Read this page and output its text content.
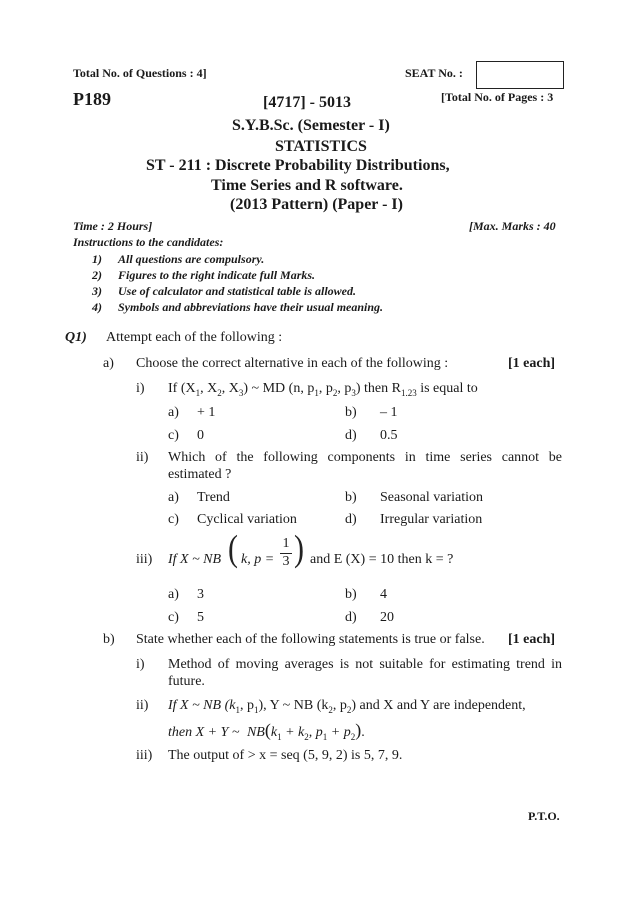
Total No. of Questions : 4]	SEAT No. :
P189	[4717] - 5013	[Total No. of Pages : 3
S.Y.B.Sc. (Semester - I)
STATISTICS
ST - 211 : Discrete Probability Distributions,
Time Series and R software.
(2013 Pattern) (Paper - I)
Time : 2 Hours]	[Max. Marks : 40
Instructions to the candidates:
1) All questions are compulsory.
2) Figures to the right indicate full Marks.
3) Use of calculator and statistical table is allowed.
4) Symbols and abbreviations have their usual meaning.
Q1) Attempt each of the following :
a) Choose the correct alternative in each of the following :	[1 each]
i) If ($X_1$, $X_2$, $X_3$) ~ MD (n, $p_1$, $p_2$, $p_3$) then $R_{1.23}$ is equal to
a) + 1	b) – 1
c) 0	d) 0.5
ii) Which of the following components in time series cannot be
estimated ?
a) Trend	b) Seasonal variation
c) Cyclical variation	d) Irregular variation
iii) If X ~ NB ( k, p =
1
3 ) and E (X) = 10 then k = ?
a) 3	b) 4
c) 5	d) 20
b) State whether each of the following statements is true or false. [1 each]
i) Method of moving averages is not suitable for estimating trend in
future.
ii) If X ~ NB ($k_1$, $p_1$), Y ~ NB ($k_2$, $p_2$) and X and Y are independent,
then X + Y ~ $NB(k_1 + k_2$, $p_1 + p_2$).
iii) The output of > x = seq (5, 9, 2) is 5, 7, 9.
P.T.O.
